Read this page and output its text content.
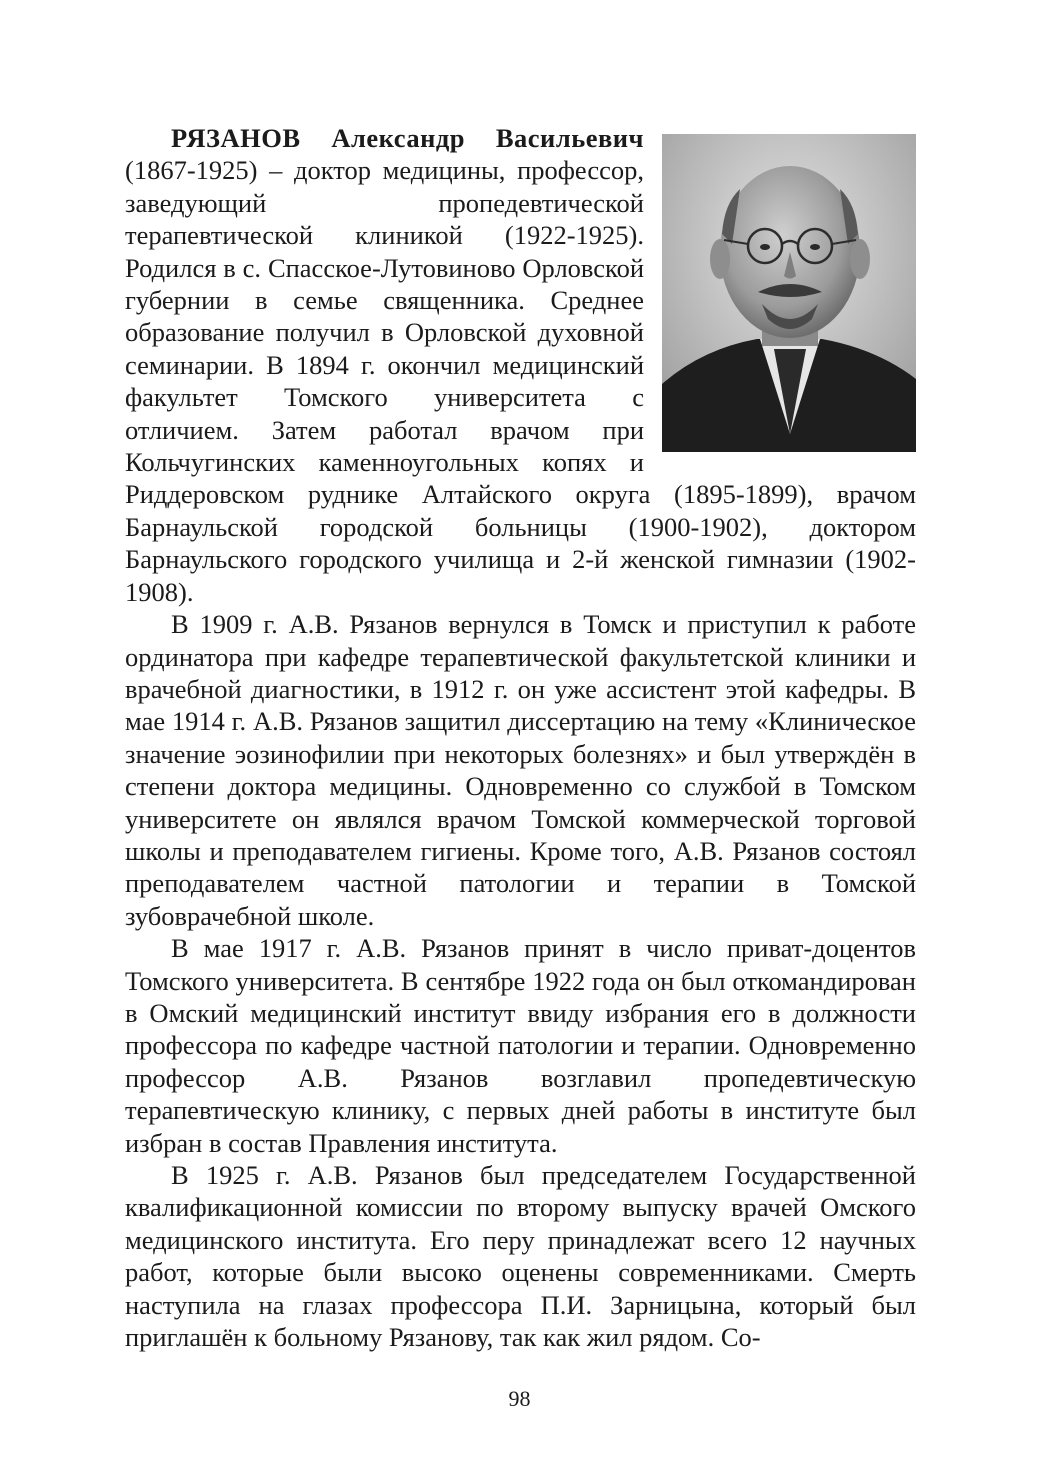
РЯЗАНОВ Александр Васильевич (1867-1925) – доктор медицины, профессор, заведующий пропедевтической терапевтической клиникой (1922-1925). Родился в с. Спасское-Лутовиново Орловской губернии в семье священника. Среднее образование получил в Орловской духовной семинарии. В 1894 г. окончил медицинский факультет Томского университета с отличием. Затем работал врачом при Кольчугинских каменноугольных копях и Риддеровском руднике Алтайского округа (1895-1899), врачом Барнаульской городской больницы (1900-1902), доктором Барнаульского городского училища и 2-й женской гимназии (1902-1908).

В 1909 г. А.В. Рязанов вернулся в Томск и приступил к работе ординатора при кафедре терапевтической факультетской клиники и врачебной диагностики, в 1912 г. он уже ассистент этой кафедры. В мае 1914 г. А.В. Рязанов защитил диссертацию на тему «Клиническое значение эозинофилии при некоторых болезнях» и был утверждён в степени доктора медицины. Одновременно со службой в Томском университете он являлся врачом Томской коммерческой торговой школы и преподавателем гигиены. Кроме того, А.В. Рязанов состоял преподавателем частной патологии и терапии в Томской зубоврачебной школе.

В мае 1917 г. А.В. Рязанов принят в число приват-доцентов Томского университета. В сентябре 1922 года он был откомандирован в Омский медицинский институт ввиду избрания его в должности профессора по кафедре частной патологии и терапии. Одновременно профессор А.В. Рязанов возглавил пропедевтическую терапевтическую клинику, с первых дней работы в институте был избран в состав Правления института.

В 1925 г. А.В. Рязанов был председателем Государственной квалификационной комиссии по второму выпуску врачей Омского медицинского института. Его перу принадлежат всего 12 научных работ, которые были высоко оценены современниками. Смерть наступила на глазах профессора П.И. Зарницына, который был приглашён к больному Рязанову, так как жил рядом. Со-

98
